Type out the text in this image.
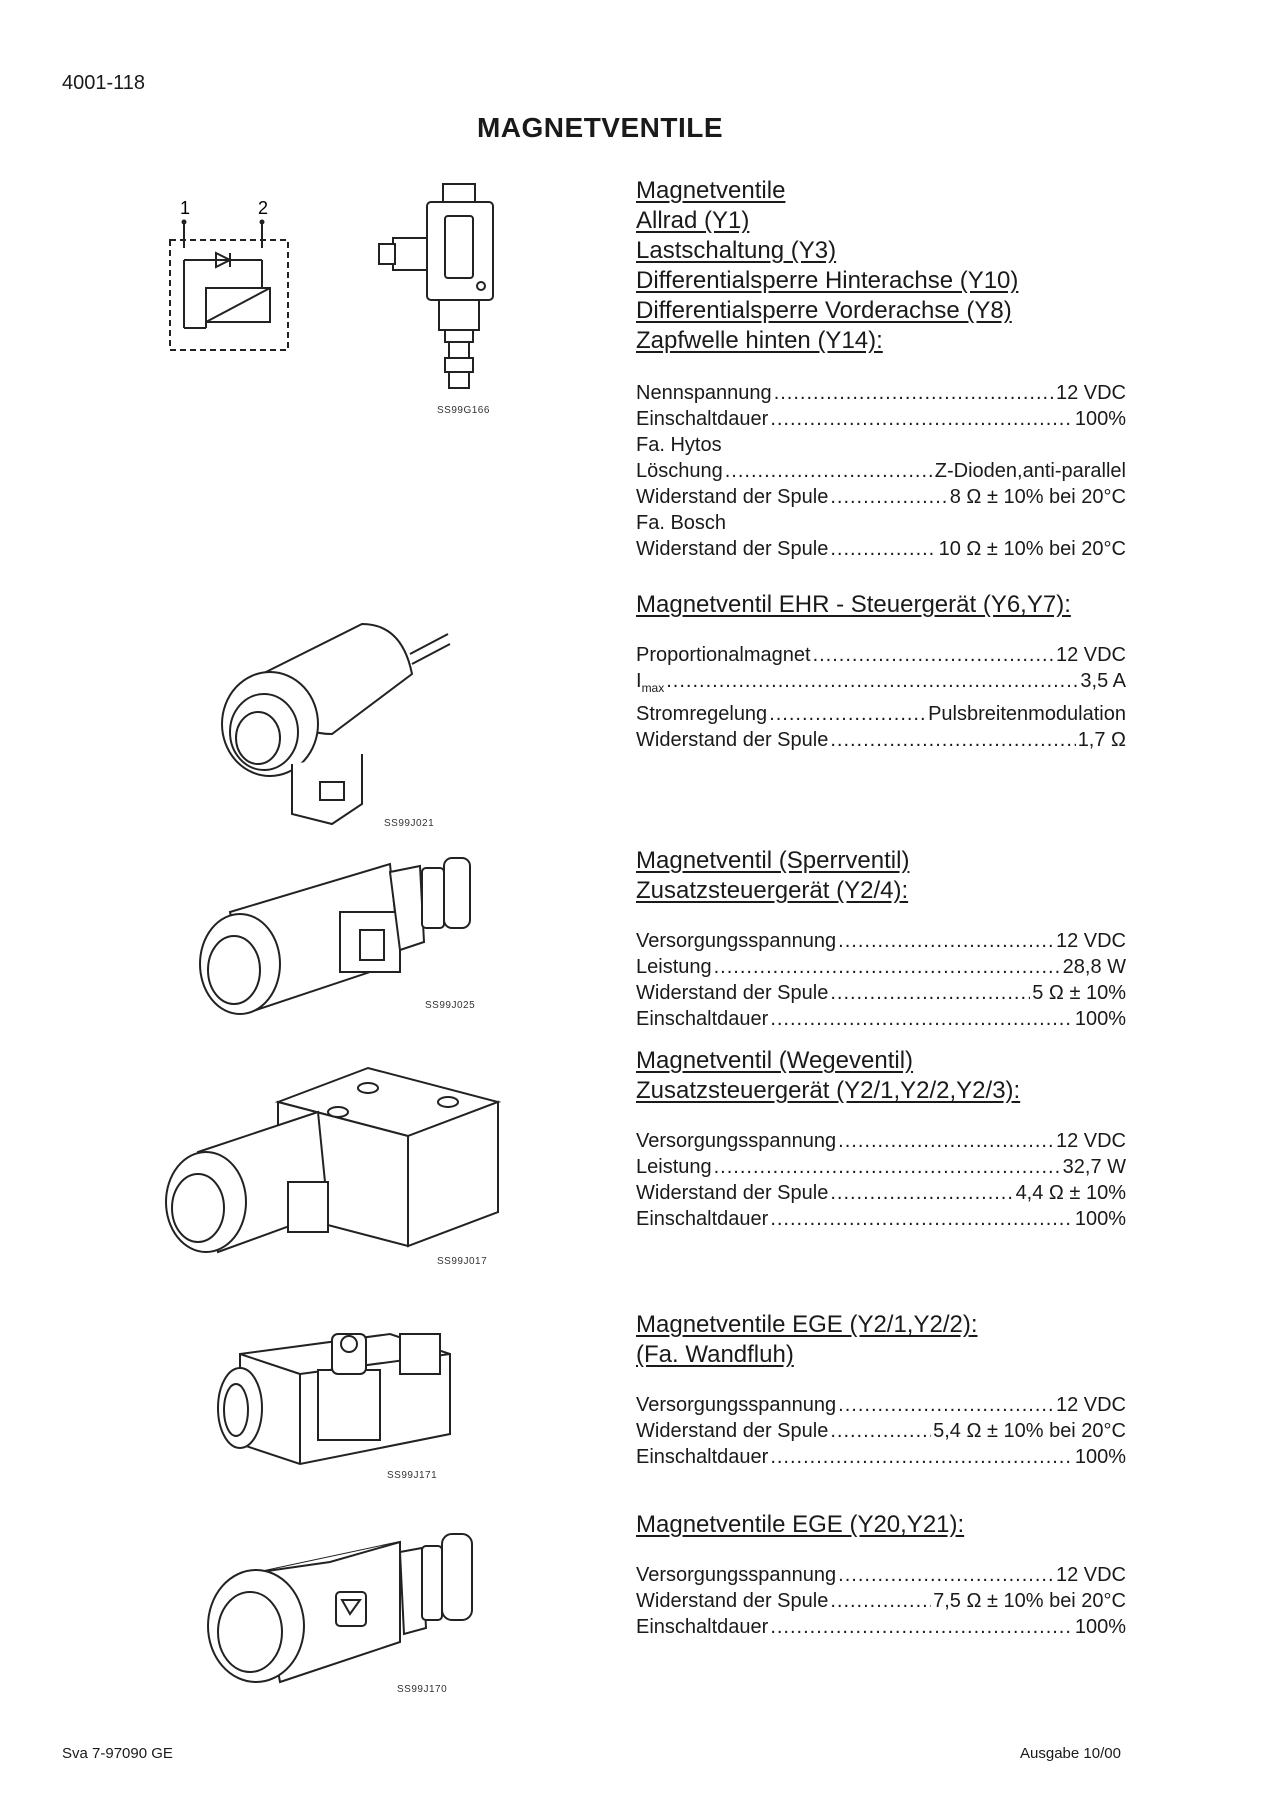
4001-118
MAGNETVENTILE
1	2
SS99G166
SS99J021
SS99J025
SS99J017
SS99J171
SS99J170

Magnetventile

Allrad (Y1)

Lastschaltung (Y3)

Differentialsperre Hinterachse (Y10)

Differentialsperre Vorderachse (Y8)

Zapfwelle hinten (Y14):

Nennspannung .....	12 VDC
Einschaltdauer .....	100%
Fa. Hytos
Löschung .....	Z-Dioden,anti-parallel
Widerstand der Spule .....	8 Ω ± 10% bei 20°C
Fa. Bosch
Widerstand der Spule .....	10 Ω ± 10% bei 20°C

Magnetventil EHR - Steuergerät (Y6,Y7):

Proportionalmagnet .....	12 VDC
$I_{max}$ .....	3,5 A
Stromregelung .....	Pulsbreitenmodulation
Widerstand der Spule .....	1,7 Ω

Magnetventil (Sperrventil)

Zusatzsteuergerät (Y2/4):

Versorgungsspannung .....	12 VDC
Leistung .....	28,8 W
Widerstand der Spule .....	5 Ω ± 10%
Einschaltdauer .....	100%

Magnetventil (Wegeventil)

Zusatzsteuergerät (Y2/1,Y2/2,Y2/3):

Versorgungsspannung .....	12 VDC
Leistung .....	32,7 W
Widerstand der Spule .....	4,4 Ω ± 10%
Einschaltdauer .....	100%

Magnetventile EGE (Y2/1,Y2/2):

(Fa. Wandfluh)

Versorgungsspannung .....	12 VDC
Widerstand der Spule .....	5,4 Ω ± 10% bei 20°C
Einschaltdauer .....	100%

Magnetventile EGE (Y20,Y21):

Versorgungsspannung .....	12 VDC
Widerstand der Spule .....	7,5 Ω ± 10% bei 20°C
Einschaltdauer .....	100%
Sva 7-97090 GE	Ausgabe 10/00
